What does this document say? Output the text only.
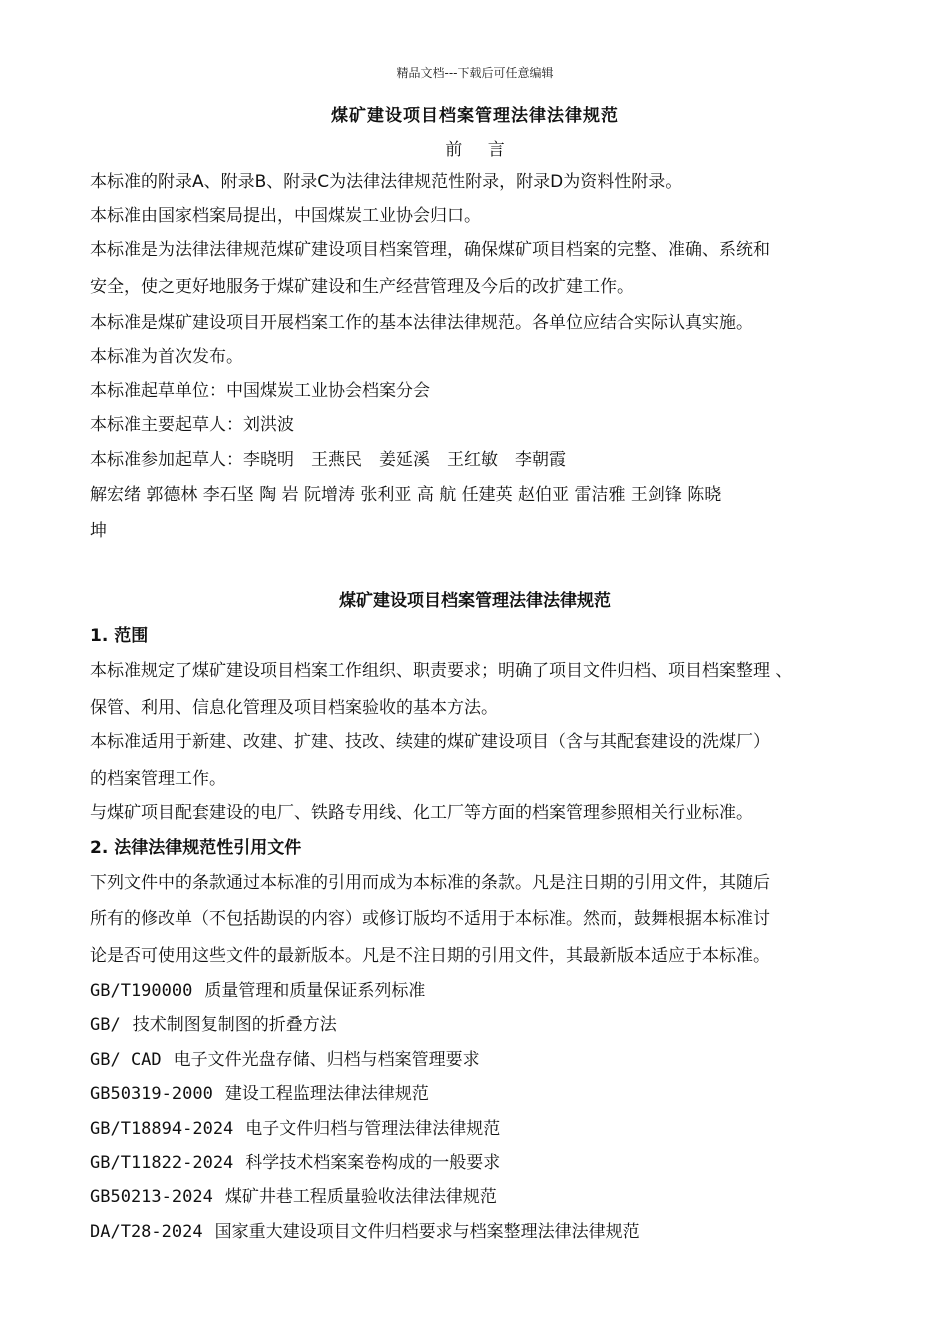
精品文档---下载后可任意编辑
煤矿建设项目档案管理法律法律规范
前 言
本标准的附录A、附录B、附录C为法律法律规范性附录，附录D为资料性附录。
本标准由国家档案局提出，中国煤炭工业协会归口。
本标准是为法律法律规范煤矿建设项目档案管理，确保煤矿项目档案的完整、准确、系统和
安全，使之更好地服务于煤矿建设和生产经营管理及今后的改扩建工作。
本标准是煤矿建设项目开展档案工作的基本法律法律规范。各单位应结合实际认真实施。
本标准为首次发布。
本标准起草单位：中国煤炭工业协会档案分会
本标准主要起草人：刘洪波
本标准参加起草人：李晓明　王燕民　姜延溪　王红敏　李朝霞
解宏绪 郭德林 李石坚 陶 岩 阮增涛 张利亚 高 航 任建英 赵伯亚 雷洁雅 王剑锋 陈晓
坤
煤矿建设项目档案管理法律法律规范
1. 范围
本标准规定了煤矿建设项目档案工作组织、职责要求；明确了项目文件归档、项目档案整理 、
保管、利用、信息化管理及项目档案验收的基本方法。
本标准适用于新建、改建、扩建、技改、续建的煤矿建设项目（含与其配套建设的洗煤厂）
的档案管理工作。
与煤矿项目配套建设的电厂、铁路专用线、化工厂等方面的档案管理参照相关行业标准。
2. 法律法律规范性引用文件
下列文件中的条款通过本标准的引用而成为本标准的条款。凡是注日期的引用文件，其随后
所有的修改单（不包括勘误的内容）或修订版均不适用于本标准。然而，鼓舞根据本标准讨
论是否可使用这些文件的最新版本。凡是不注日期的引用文件，其最新版本适应于本标准。
GB/T190000 质量管理和质量保证系列标准
GB/ 技术制图复制图的折叠方法
GB/ CAD 电子文件光盘存储、归档与档案管理要求
GB50319-2000 建设工程监理法律法律规范
GB/T18894-2024 电子文件归档与管理法律法律规范
GB/T11822-2024 科学技术档案案卷构成的一般要求
GB50213-2024 煤矿井巷工程质量验收法律法律规范
DA/T28-2024 国家重大建设项目文件归档要求与档案整理法律法律规范
